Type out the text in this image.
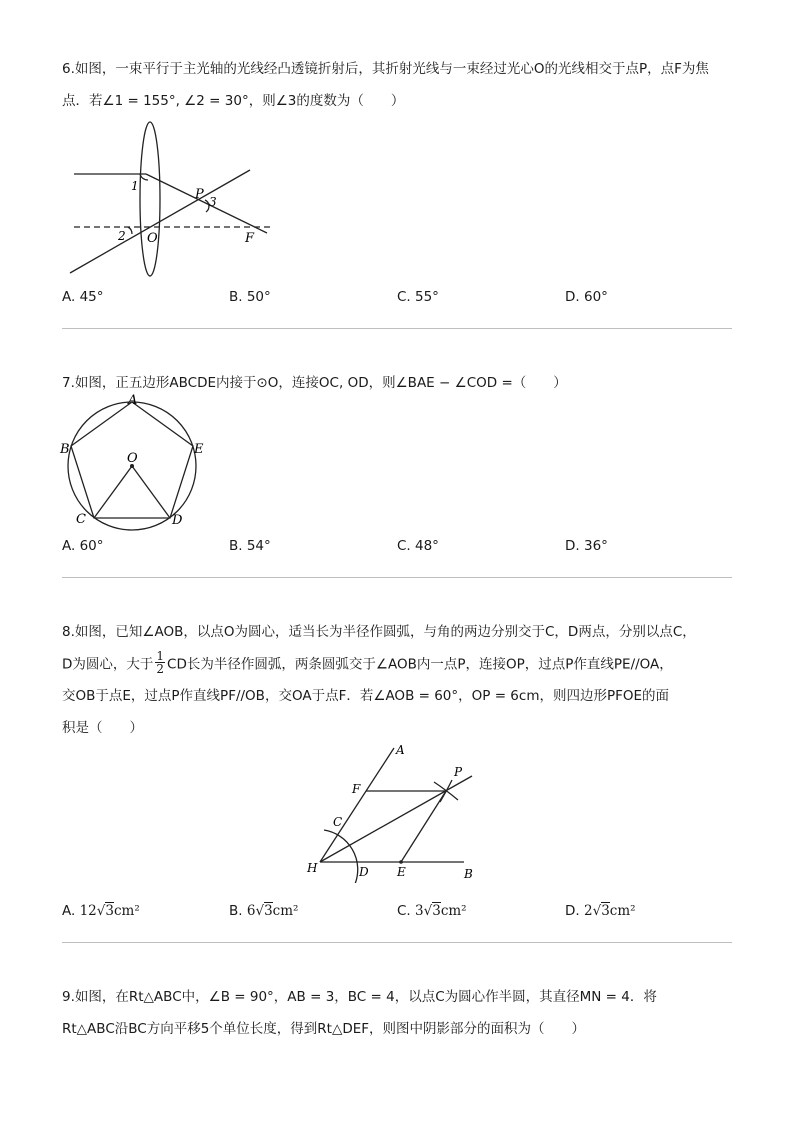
6.如图，一束平行于主光轴的光线经凸透镜折射后，其折射光线与一束经过光心O的光线相交于点P，点F为焦
点．若∠1 = 155°, ∠2 = 30°，则∠3的度数为（　　）
1
2
3
P
O	F
A. 45°	B. 50°	C. 55°	D. 60°
7.如图，正五边形ABCDE内接于⊙O，连接OC, OD，则∠BAE − ∠COD =（　　）
A
B	E
O
C	D
A. 60°	B. 54°	C. 48°	D. 36°
8.如图，已知∠AOB，以点O为圆心，适当长为半径作圆弧，与角的两边分别交于C，D两点，分别以点C，
D为圆心，大于 $\frac{1}{2}$ CD长为半径作圆弧，两条圆弧交于∠AOB内一点P，连接OP，过点P作直线PE//OA，
交OB于点E，过点P作直线PF//OB，交OA于点F．若∠AOB = 60°，OP = 6cm，则四边形PFOE的面
积是（　　）
A
P
F
C
H	D E	B
A. 12√3cm²	B. 6√3cm²	C. 3√3cm²	D. 2√3cm²
9.如图，在Rt△ABC中，∠B = 90°，AB = 3，BC = 4，以点C为圆心作半圆，其直径MN = 4．将
Rt△ABC沿BC方向平移5个单位长度，得到Rt△DEF，则图中阴影部分的面积为（　　）
